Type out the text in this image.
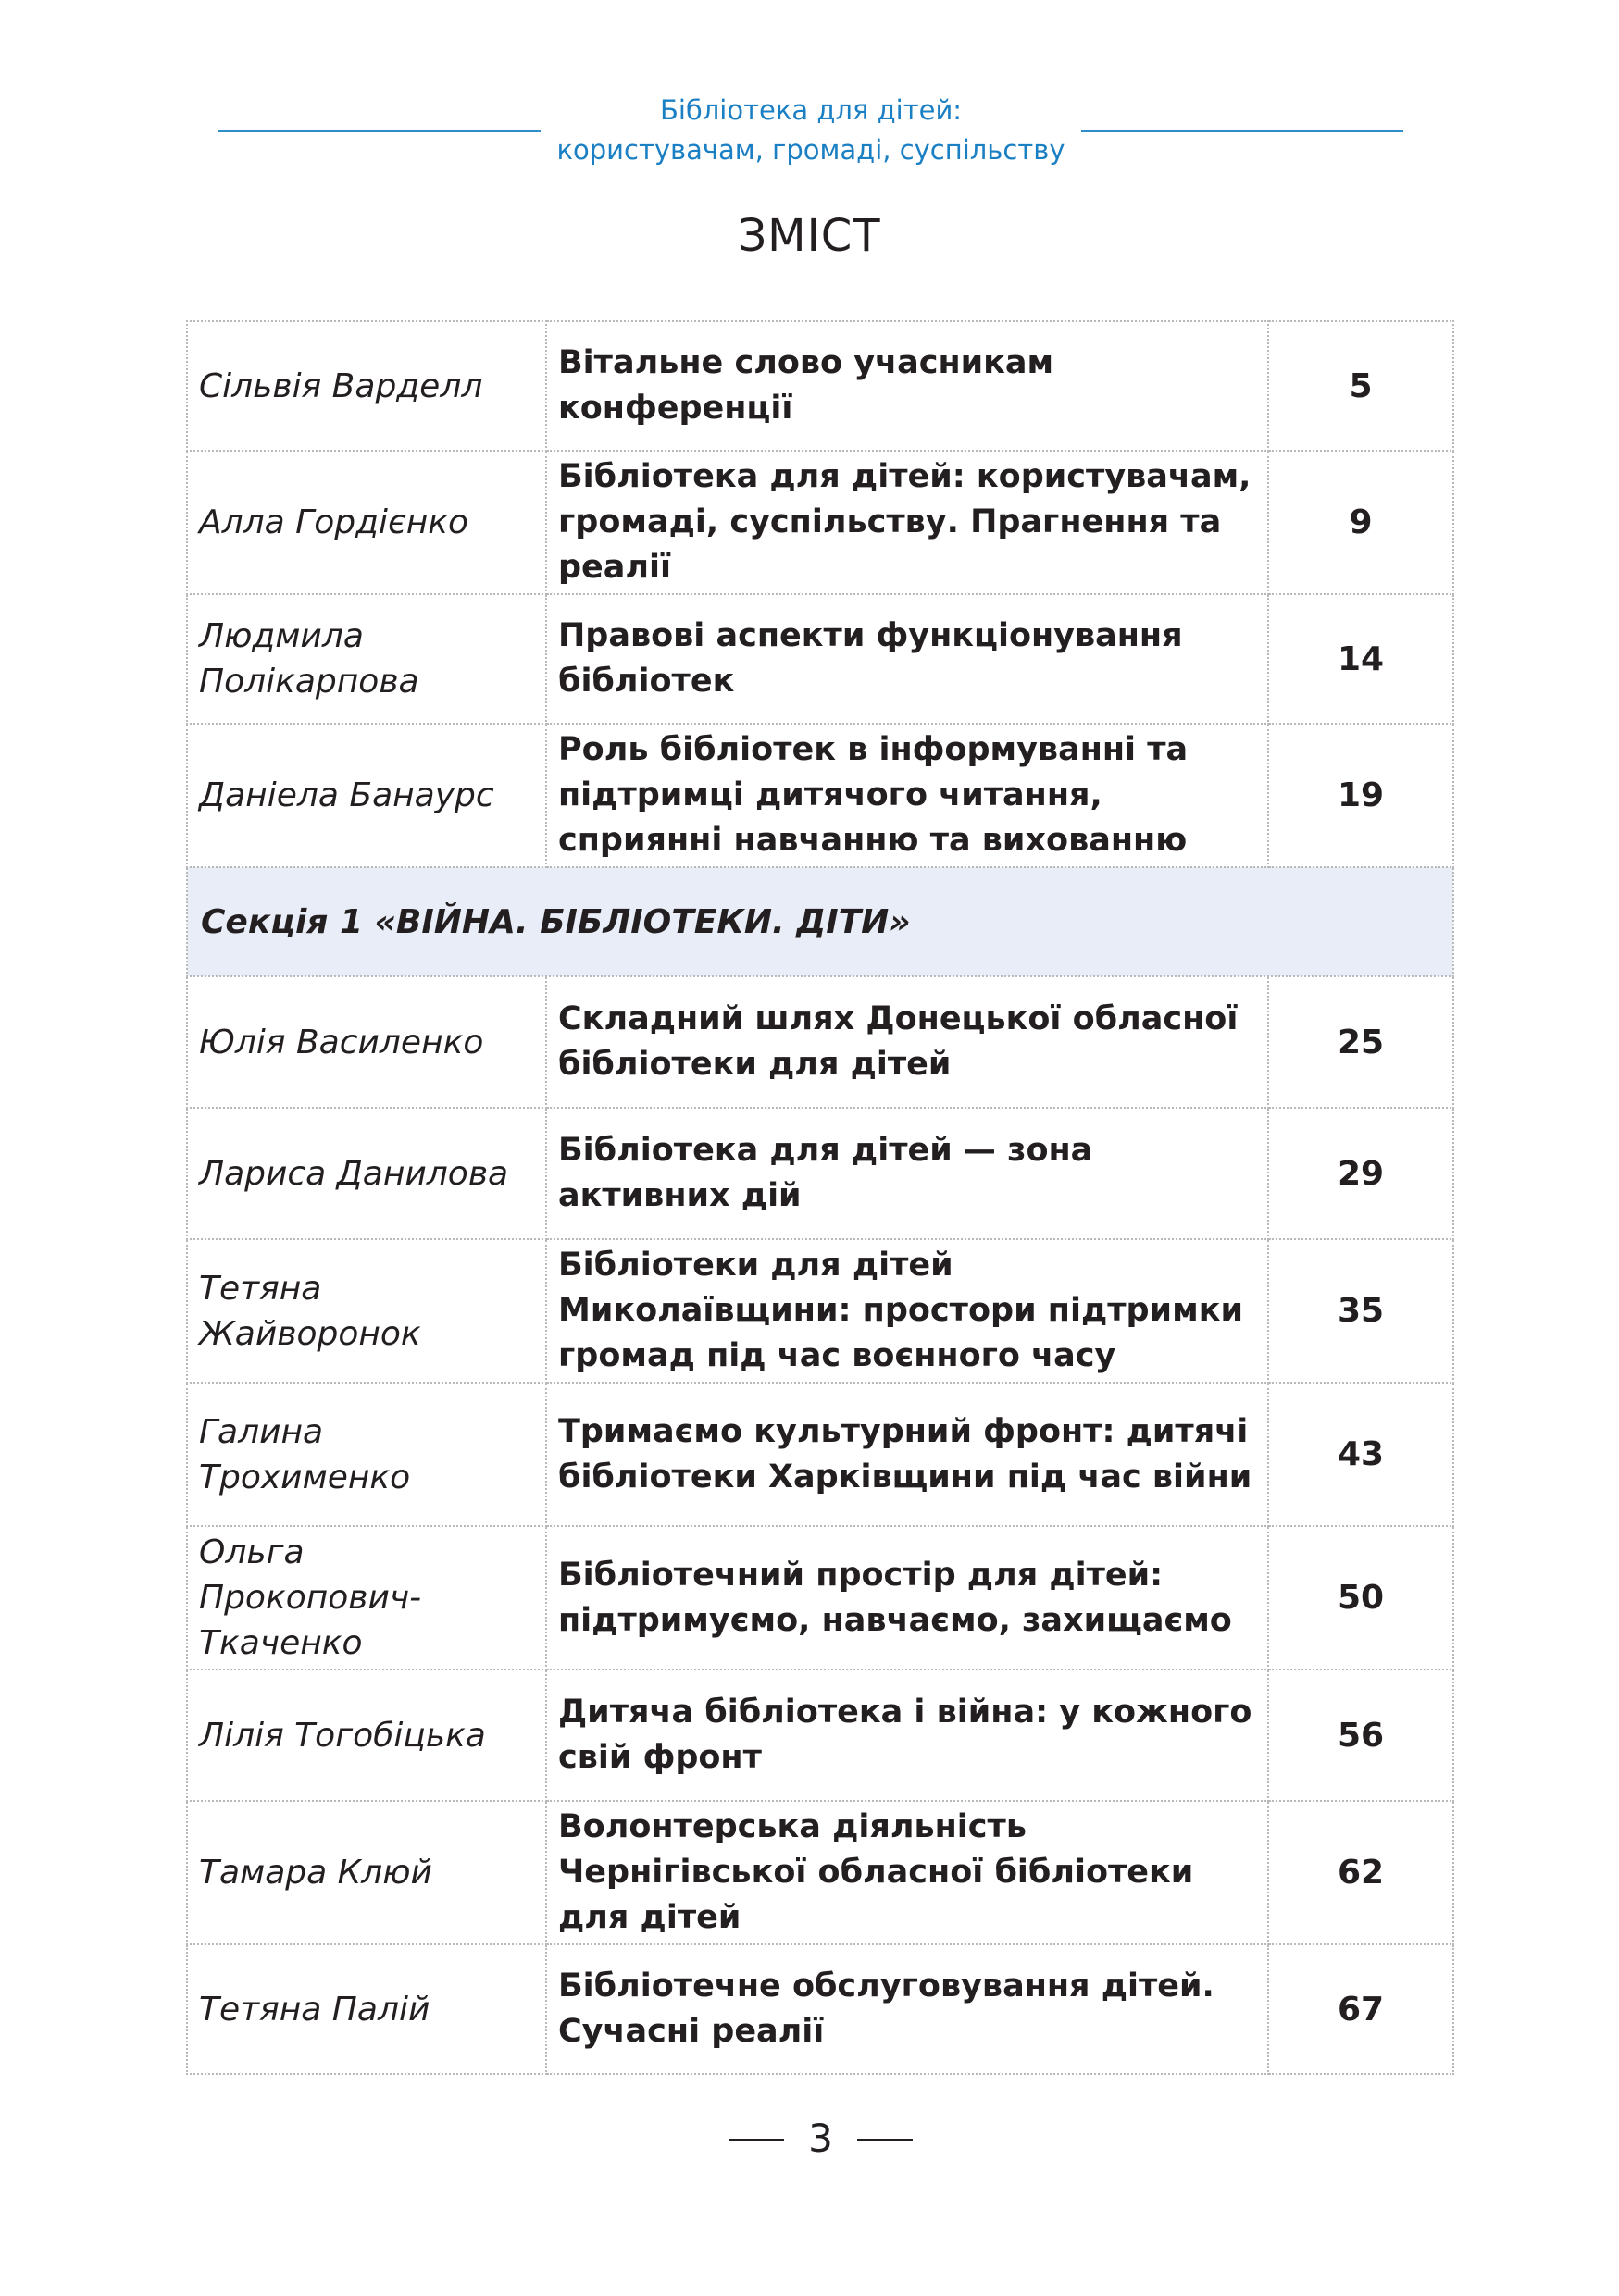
Бібліотека для дітей:
користувачам, громаді, суспільству
ЗМІСТ
Сільвія Варделл	Вітальне слово учасникам конференції	5
Алла Гордієнко	Бібліотека для дітей: користувачам, громаді, суспільству. Прагнення та реалії	9
Людмила Полікарпова	Правові аспекти функціонування бібліотек	14
Даніела Банаурс	Роль бібліотек в інформуванні та підтримці дитячого читання, сприянні навчанню та вихованню	19
Секція 1 «ВІЙНА. БІБЛІОТЕКИ. ДІТИ»		
Юлія Василенко	Складний шлях Донецької обласної бібліотеки для дітей	25
Лариса Данилова	Бібліотека для дітей — зона активних дій	29
Тетяна Жайворонок	Бібліотеки для дітей Миколаївщини: простори підтримки громад під час воєнного часу	35
Галина Трохименко	Тримаємо культурний фронт: дитячі бібліотеки Харківщини під час війни	43
Ольга Прокопович-Ткаченко	Бібліотечний простір для дітей: підтримуємо, навчаємо, захищаємо	50
Лілія Тогобіцька	Дитяча бібліотека і війна: у кожного свій фронт	56
Тамара Клюй	Волонтерська діяльність Чернігівської обласної бібліотеки для дітей	62
Тетяна Палій	Бібліотечне обслуговування дітей. Сучасні реалії	67
3
